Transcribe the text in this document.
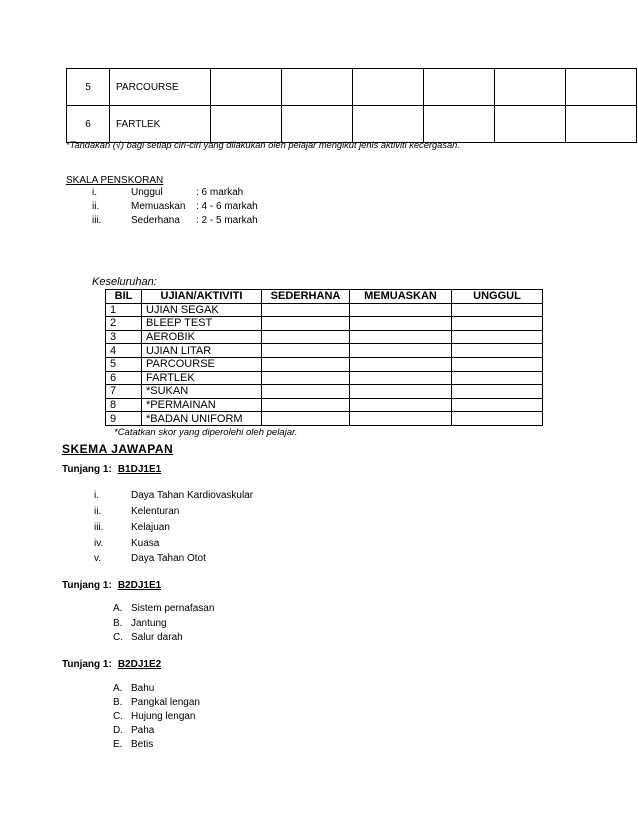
5	PARCOURSE						
6	FARTLEK						
*Tandakan (√) bagi setiap ciri-ciri yang dilakukan oleh pelajar mengikut jenis aktiviti kecergasan.
SKALA PENSKORAN
i.	Unggul	: 6 markah
ii.	Memuaskan : 4 - 6 markah
iii.	Sederhana : 2 - 5 markah
Keseluruhan:
BIL	UJIAN/AKTIVITI	SEDERHANA	MEMUASKAN	UNGGUL
1	UJIAN SEGAK			
2	BLEEP TEST			
3	AEROBIK			
4	UJIAN LITAR			
5	PARCOURSE			
6	FARTLEK			
7	*SUKAN			
8	*PERMAINAN			
9	*BADAN UNIFORM			
*Catatkan skor yang diperolehi oleh pelajar.
SKEMA JAWAPAN
Tunjang 1: B1DJ1E1
i.	Daya Tahan Kardiovaskular
ii.	Kelenturan
iii.	Kelajuan
iv.	Kuasa
v.	Daya Tahan Otot
Tunjang 1: B2DJ1E1
A. Sistem pernafasan
B. Jantung
C. Salur darah
Tunjang 1: B2DJ1E2
A. Bahu
B. Pangkal lengan
C. Hujung lengan
D. Paha
E. Betis
